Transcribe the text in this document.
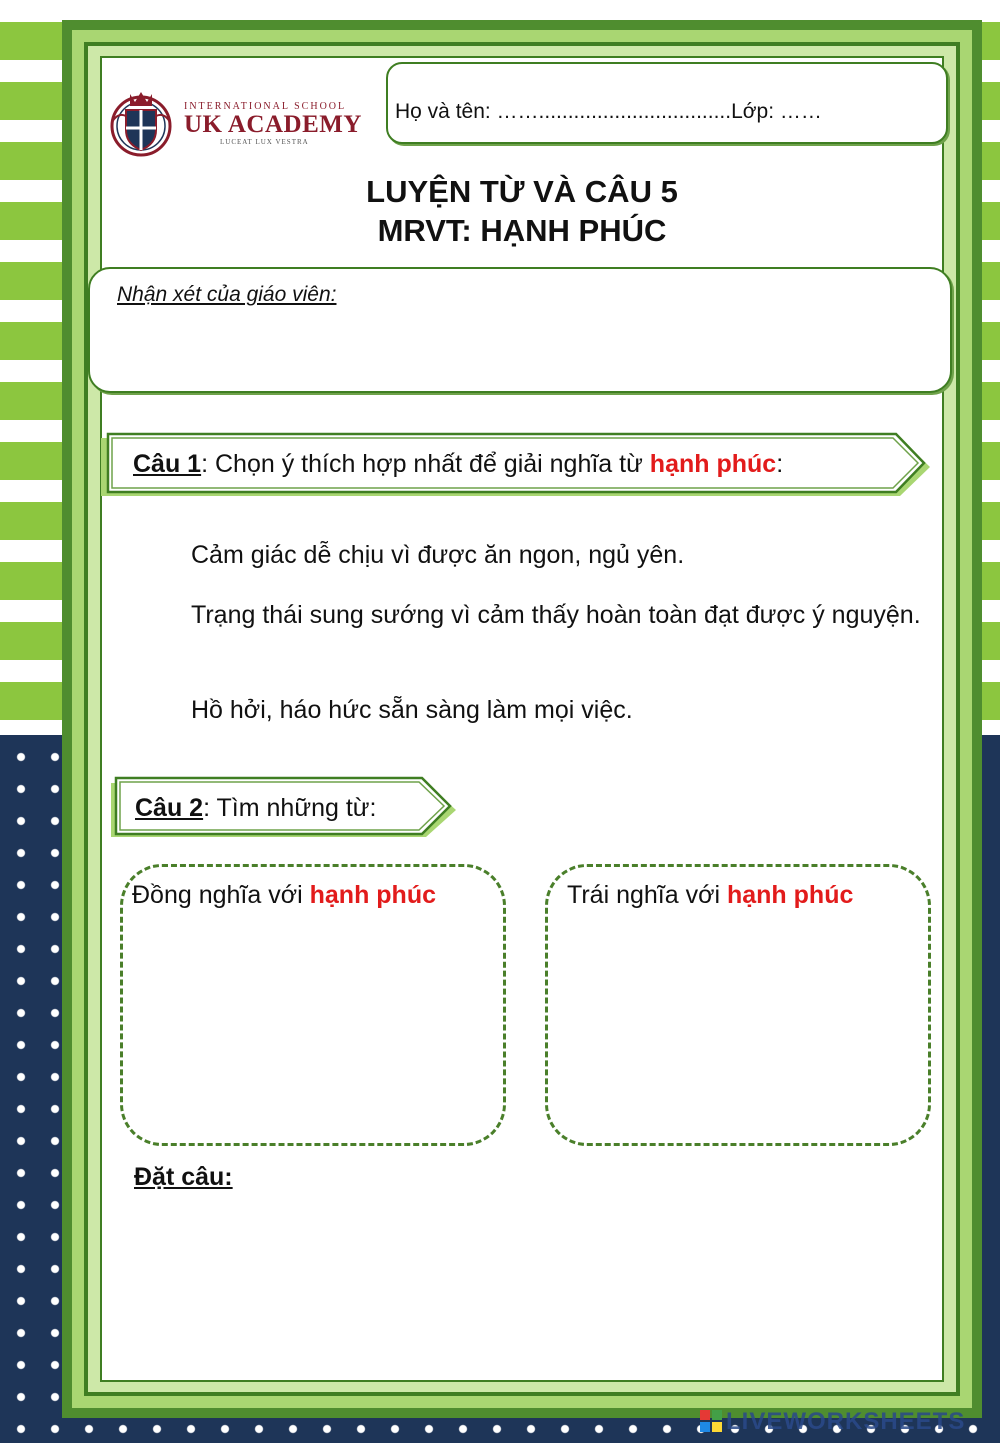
INTERNATIONAL SCHOOL
UK ACADEMY
LUCEAT LUX VESTRA
Họ và tên: …….................................Lớp: ……
LUYỆN TỪ VÀ CÂU 5
MRVT: HẠNH PHÚC
Nhận xét của giáo viên:
Câu 1: Chọn ý thích hợp nhất để giải nghĩa từ hạnh phúc:
Cảm giác dễ chịu vì được ăn ngon, ngủ yên.
Trạng thái sung sướng vì cảm thấy hoàn toàn đạt được ý nguyện.
Hồ hởi, háo hức sẵn sàng làm mọi việc.
Câu 2: Tìm những từ:
Đồng nghĩa với hạnh phúc	Trái nghĩa với hạnh phúc
Đặt câu:
LIVEWORKSHEETS
